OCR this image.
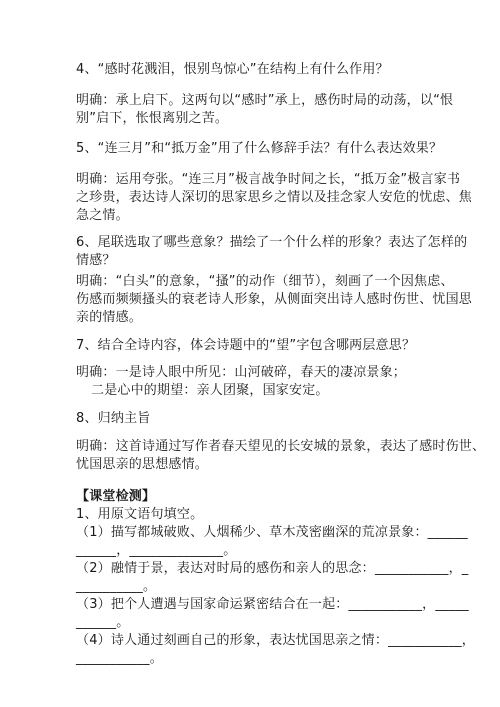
4、“感时花溅泪，恨别鸟惊心”在结构上有什么作用？
明确：承上启下。这两句以“感时”承上，感伤时局的动荡，以“恨
别”启下，怅恨离别之苦。
5、“连三月”和“抵万金”用了什么修辞手法？有什么表达效果？
明确：运用夸张。“连三月”极言战争时间之长，“抵万金”极言家书
之珍贵，表达诗人深切的思家思乡之情以及挂念家人安危的忧虑、焦
急之情。
6、尾联选取了哪些意象？描绘了一个什么样的形象？表达了怎样的
情感？
明确：“白头”的意象，“搔”的动作（细节），刻画了一个因焦虑、
伤感而频频搔头的衰老诗人形象，从侧面突出诗人感时伤世、忧国思
亲的情感。
7、结合全诗内容，体会诗题中的“望”字包含哪两层意思？
明确：一是诗人眼中所见：山河破碎，春天的凄凉景象；
二是心中的期望：亲人团聚，国家安定。
8、归纳主旨
明确：这首诗通过写作者春天望见的长安城的景象，表达了感时伤世、
忧国思亲的思想感情。
【课堂检测】
1、用原文语句填空。
（1）描写都城破败、人烟稀少、草木茂密幽深的荒凉景象：______
______，______________。
（2）融情于景，表达对时局的感伤和亲人的思念：___________，_
__________。
（3）把个人遭遇与国家命运紧密结合在一起：___________，_____
______。
（4）诗人通过刻画自己的形象，表达忧国思亲之情：___________，
___________。
